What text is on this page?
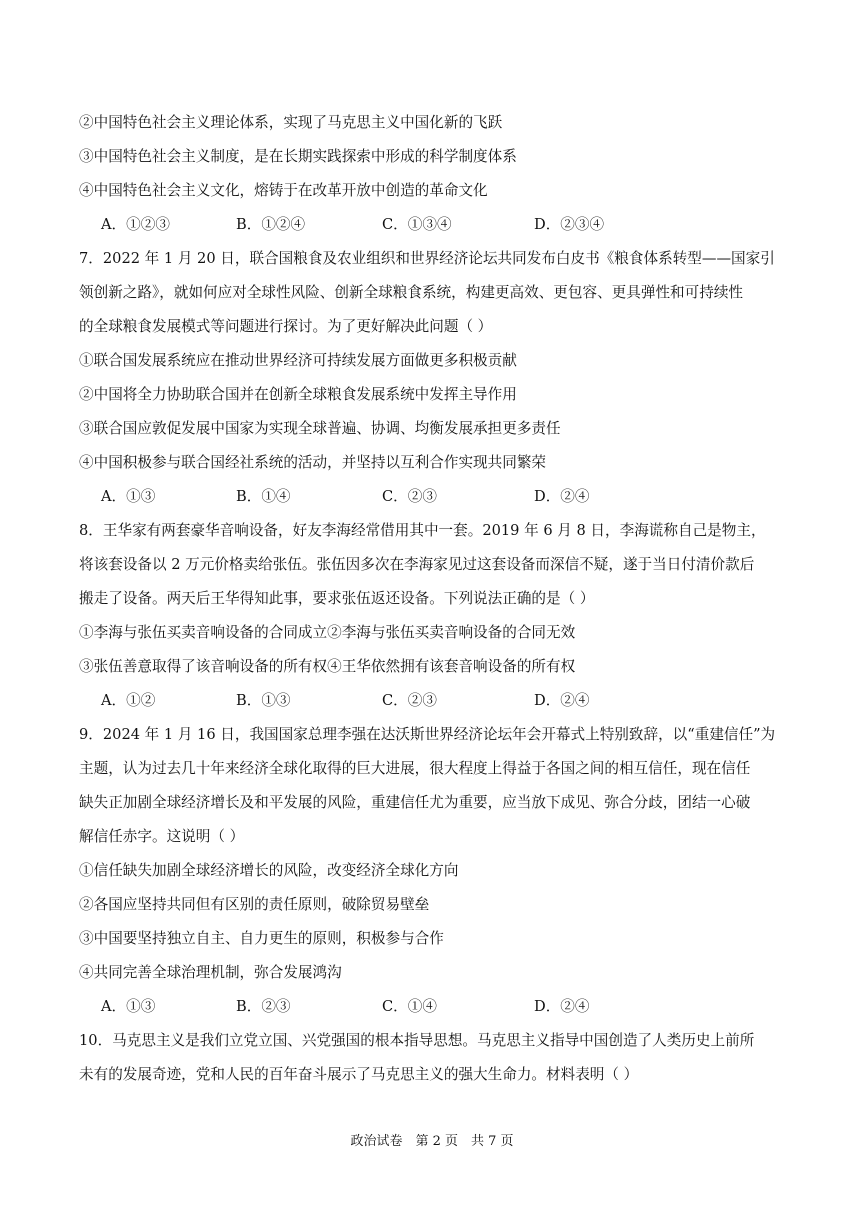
②中国特色社会主义理论体系，实现了马克思主义中国化新的飞跃
③中国特色社会主义制度，是在长期实践探索中形成的科学制度体系
④中国特色社会主义文化，熔铸于在改革开放中创造的革命文化
A．①②③	B．①②④	C．①③④	D．②③④
7．2022 年 1 月 20 日，联合国粮食及农业组织和世界经济论坛共同发布白皮书《粮食体系转型——国家引
领创新之路》，就如何应对全球性风险、创新全球粮食系统，构建更高效、更包容、更具弹性和可持续性
的全球粮食发展模式等问题进行探讨。为了更好解决此问题（ ）
①联合国发展系统应在推动世界经济可持续发展方面做更多积极贡献
②中国将全力协助联合国并在创新全球粮食发展系统中发挥主导作用
③联合国应敦促发展中国家为实现全球普遍、协调、均衡发展承担更多责任
④中国积极参与联合国经社系统的活动，并坚持以互利合作实现共同繁荣
A．①③	B．①④	C．②③	D．②④
8．王华家有两套豪华音响设备，好友李海经常借用其中一套。2019 年 6 月 8 日，李海谎称自己是物主，
将该套设备以 2 万元价格卖给张伍。张伍因多次在李海家见过这套设备而深信不疑，遂于当日付清价款后
搬走了设备。两天后王华得知此事，要求张伍返还设备。下列说法正确的是（ ）
①李海与张伍买卖音响设备的合同成立②李海与张伍买卖音响设备的合同无效
③张伍善意取得了该音响设备的所有权④王华依然拥有该套音响设备的所有权
A．①②	B．①③	C．②③	D．②④
9．2024 年 1 月 16 日，我国国家总理李强在达沃斯世界经济论坛年会开幕式上特别致辞，以“重建信任”为
主题，认为过去几十年来经济全球化取得的巨大进展，很大程度上得益于各国之间的相互信任，现在信任
缺失正加剧全球经济增长及和平发展的风险，重建信任尤为重要，应当放下成见、弥合分歧，团结一心破
解信任赤字。这说明（ ）
①信任缺失加剧全球经济增长的风险，改变经济全球化方向
②各国应坚持共同但有区别的责任原则，破除贸易壁垒
③中国要坚持独立自主、自力更生的原则，积极参与合作
④共同完善全球治理机制，弥合发展鸿沟
A．①③	B．②③	C．①④	D．②④
10．马克思主义是我们立党立国、兴党强国的根本指导思想。马克思主义指导中国创造了人类历史上前所
未有的发展奇迹，党和人民的百年奋斗展示了马克思主义的强大生命力。材料表明（ ）
政治试卷　第 2 页　共 7 页
